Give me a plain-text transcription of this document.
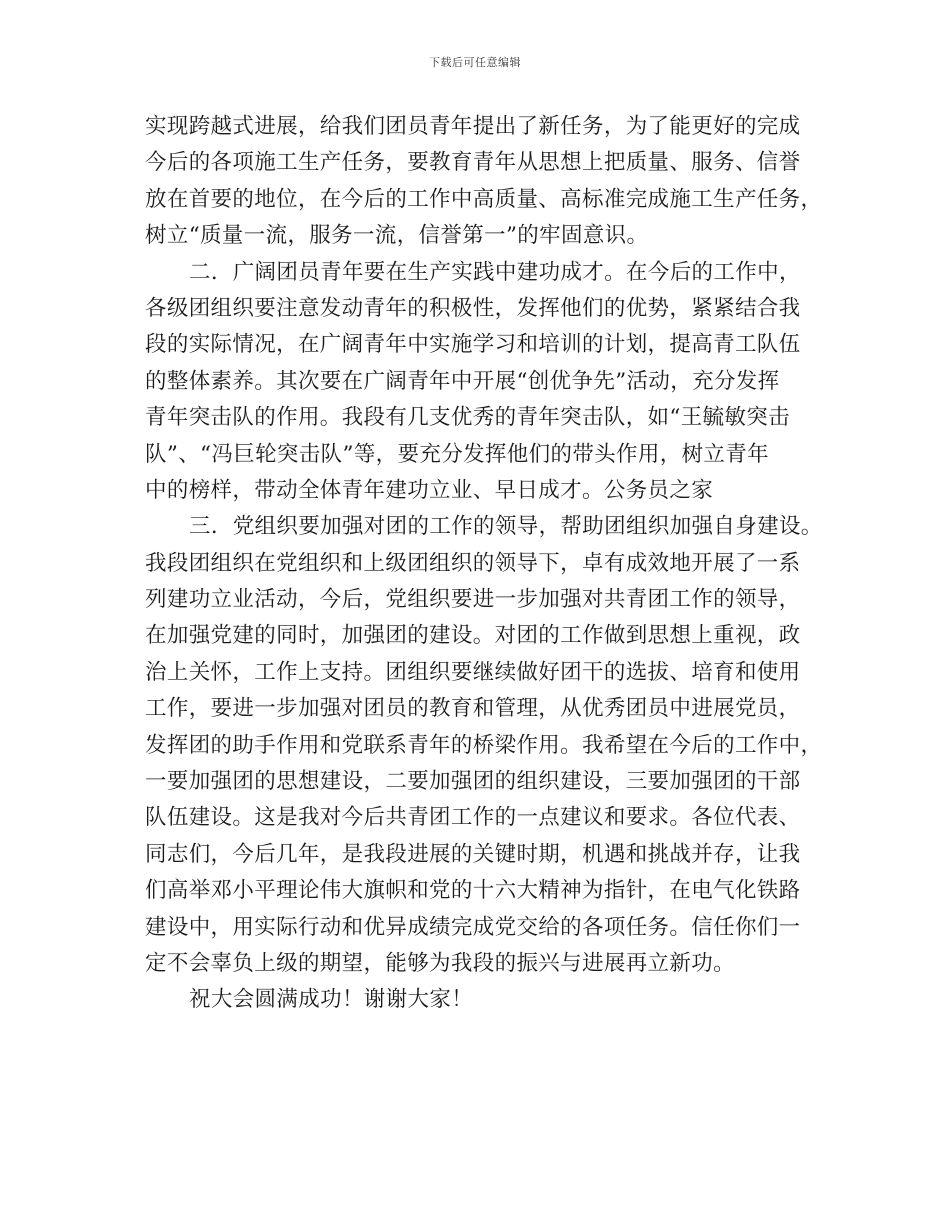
下载后可任意编辑
实现跨越式进展，给我们团员青年提出了新任务，为了能更好的完成
今后的各项施工生产任务，要教育青年从思想上把质量、服务、信誉
放在首要的地位，在今后的工作中高质量、高标准完成施工生产任务，
树立“质量一流，服务一流，信誉第一”的牢固意识。
二．广阔团员青年要在生产实践中建功成才。在今后的工作中，
各级团组织要注意发动青年的积极性，发挥他们的优势，紧紧结合我
段的实际情况，在广阔青年中实施学习和培训的计划，提高青工队伍
的整体素养。其次要在广阔青年中开展“创优争先”活动，充分发挥
青年突击队的作用。我段有几支优秀的青年突击队，如“王毓敏突击
队”、“冯巨轮突击队”等，要充分发挥他们的带头作用，树立青年
中的榜样，带动全体青年建功立业、早日成才。公务员之家
三．党组织要加强对团的工作的领导，帮助团组织加强自身建设。
我段团组织在党组织和上级团组织的领导下，卓有成效地开展了一系
列建功立业活动，今后，党组织要进一步加强对共青团工作的领导，
在加强党建的同时，加强团的建设。对团的工作做到思想上重视，政
治上关怀，工作上支持。团组织要继续做好团干的选拔、培育和使用
工作，要进一步加强对团员的教育和管理，从优秀团员中进展党员，
发挥团的助手作用和党联系青年的桥梁作用。我希望在今后的工作中，
一要加强团的思想建设，二要加强团的组织建设，三要加强团的干部
队伍建设。这是我对今后共青团工作的一点建议和要求。各位代表、
同志们，今后几年，是我段进展的关键时期，机遇和挑战并存，让我
们高举邓小平理论伟大旗帜和党的十六大精神为指针，在电气化铁路
建设中，用实际行动和优异成绩完成党交给的各项任务。信任你们一
定不会辜负上级的期望，能够为我段的振兴与进展再立新功。
祝大会圆满成功！谢谢大家！
